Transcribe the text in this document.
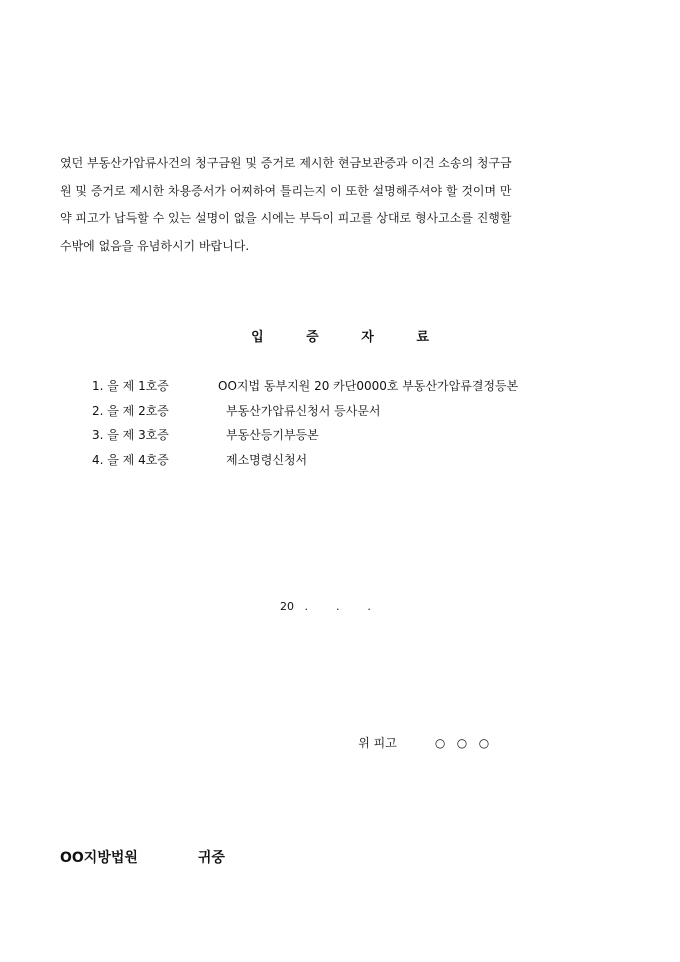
였던 부동산가압류사건의 청구금원 및 증거로 제시한 현금보관증과 이건 소송의 청구금
원 및 증거로 제시한 차용증서가 어찌하여 틀리는지 이 또한 설명해주셔야 할 것이며 만
약 피고가 납득할 수 있는 설명이 없을 시에는 부득이 피고를 상대로 형사고소를 진행할
수밖에 없음을 유념하시기 바랍니다.
입	증	자	료
1. 을 제 1호증	OO지법 동부지원 20 카단0000호 부동산가압류결정등본
2. 을 제 2호증	부동산가압류신청서 등사문서
3. 을 제 3호증	부동산등기부등본
4. 을 제 4호증	제소명령신청서
20   .        .        .

위 피고	○   ○   ○

OO지방법원	귀중
